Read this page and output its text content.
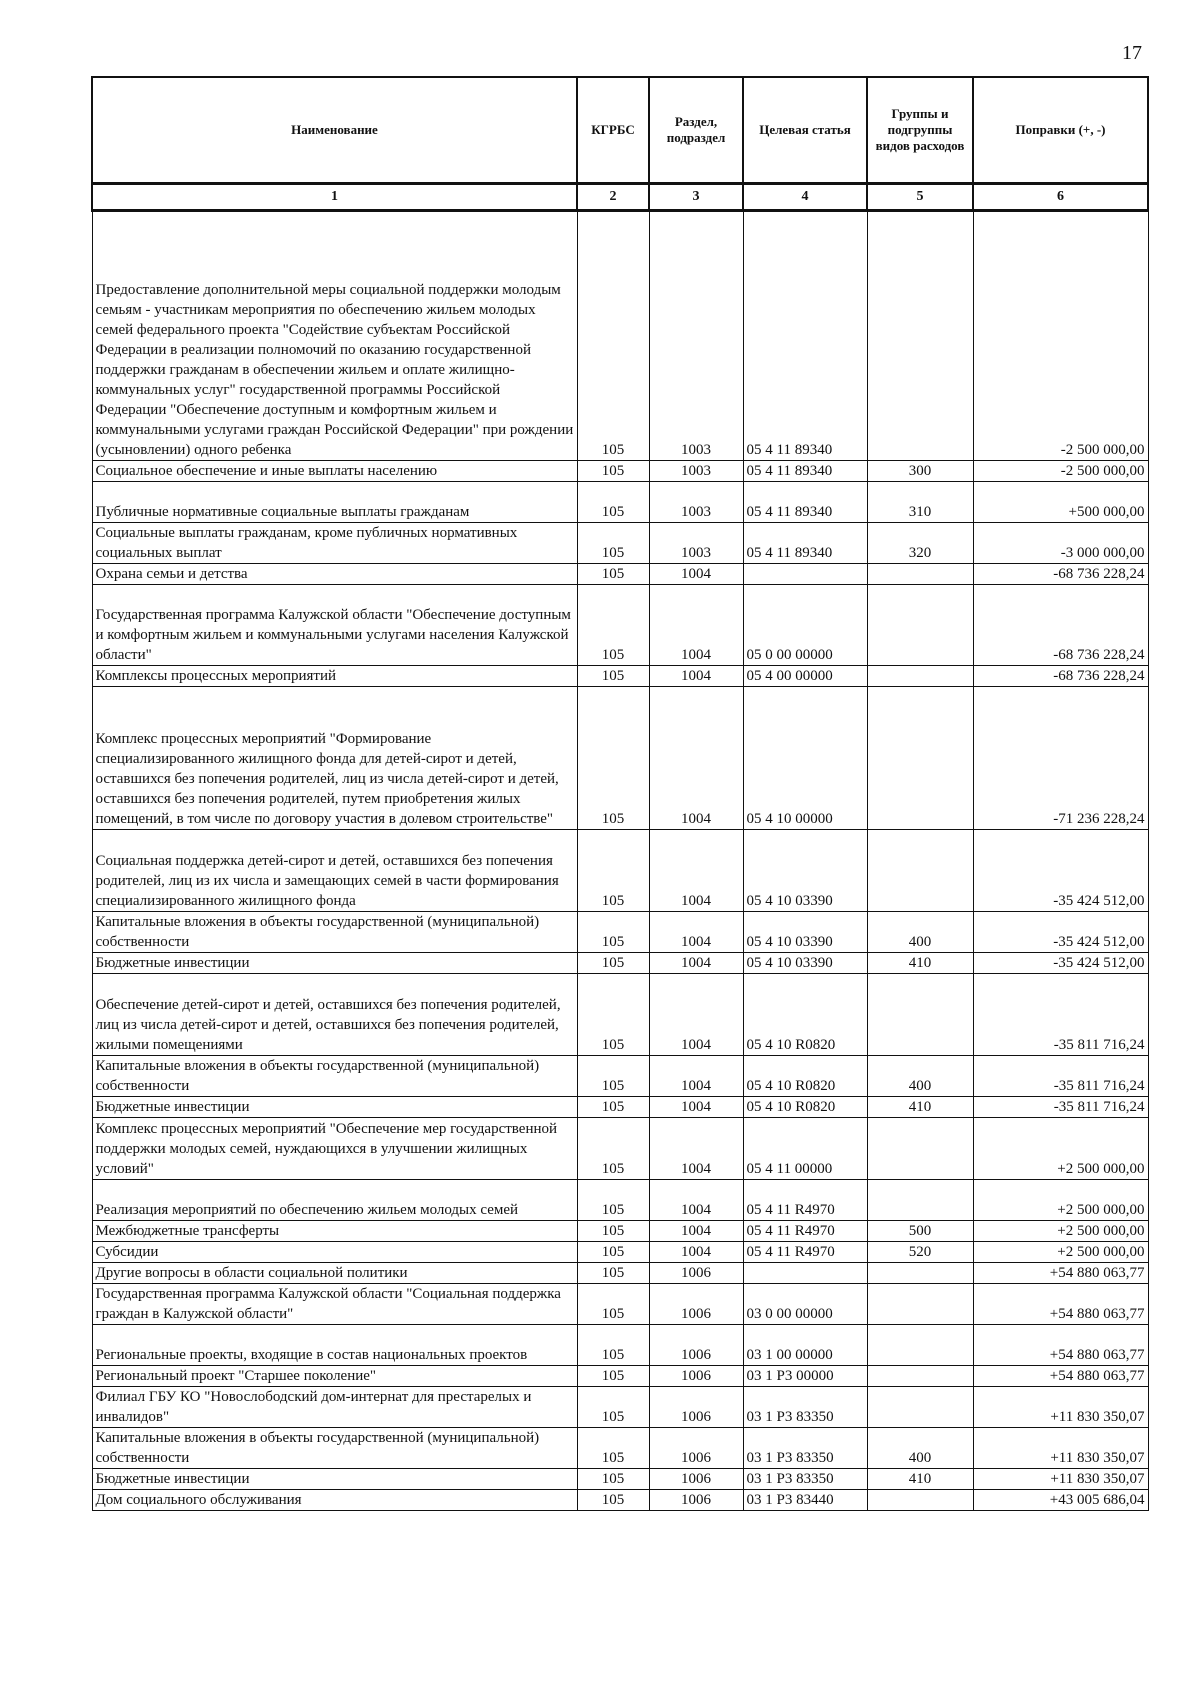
17
Наименование	КГРБС	Раздел, подраздел	Целевая статья	Группы и подгруппы видов расходов	Поправки (+, -)
1	2	3	4	5	6
Предоставление дополнительной меры социальной поддержки молодым семьям - участникам мероприятия по обеспечению жильем молодых семей федерального проекта "Содействие субъектам Российской Федерации в реализации полномочий по оказанию государственной поддержки гражданам в обеспечении жильем и оплате жилищно-коммунальных услуг" государственной программы Российской Федерации "Обеспечение доступным и комфортным жильем и коммунальными услугами граждан Российской Федерации" при рождении (усыновлении) одного ребенка	105	1003	05 4 11 89340		-2 500 000,00
Социальное обеспечение и иные выплаты населению	105	1003	05 4 11 89340	300	-2 500 000,00
Публичные нормативные социальные выплаты гражданам	105	1003	05 4 11 89340	310	+500 000,00
Социальные выплаты гражданам, кроме публичных нормативных социальных выплат	105	1003	05 4 11 89340	320	-3 000 000,00
Охрана семьи и детства	105	1004			-68 736 228,24
Государственная программа Калужской области "Обеспечение доступным и комфортным жильем и коммунальными услугами населения Калужской области"	105	1004	05 0 00 00000		-68 736 228,24
Комплексы процессных мероприятий	105	1004	05 4 00 00000		-68 736 228,24
Комплекс процессных мероприятий "Формирование специализированного жилищного фонда для детей-сирот и детей, оставшихся без попечения родителей, лиц из числа детей-сирот и детей, оставшихся без попечения родителей, путем приобретения жилых помещений, в том числе по договору участия в долевом строительстве"	105	1004	05 4 10 00000		-71 236 228,24
Социальная поддержка детей-сирот и детей, оставшихся без попечения родителей, лиц из их числа и замещающих семей в части формирования специализированного жилищного фонда	105	1004	05 4 10 03390		-35 424 512,00
Капитальные вложения в объекты государственной (муниципальной) собственности	105	1004	05 4 10 03390	400	-35 424 512,00
Бюджетные инвестиции	105	1004	05 4 10 03390	410	-35 424 512,00
Обеспечение детей-сирот и детей, оставшихся без попечения родителей, лиц из числа детей-сирот и детей, оставшихся без попечения родителей, жилыми помещениями	105	1004	05 4 10 R0820		-35 811 716,24
Капитальные вложения в объекты государственной (муниципальной) собственности	105	1004	05 4 10 R0820	400	-35 811 716,24
Бюджетные инвестиции	105	1004	05 4 10 R0820	410	-35 811 716,24
Комплекс процессных мероприятий "Обеспечение мер государственной поддержки молодых семей, нуждающихся в улучшении жилищных условий"	105	1004	05 4 11 00000		+2 500 000,00
Реализация мероприятий по обеспечению жильем молодых семей	105	1004	05 4 11 R4970		+2 500 000,00
Межбюджетные трансферты	105	1004	05 4 11 R4970	500	+2 500 000,00
Субсидии	105	1004	05 4 11 R4970	520	+2 500 000,00
Другие вопросы в области социальной политики	105	1006			+54 880 063,77
Государственная программа Калужской области "Социальная поддержка граждан в Калужской области"	105	1006	03 0 00 00000		+54 880 063,77
Региональные проекты, входящие в состав национальных проектов	105	1006	03 1 00 00000		+54 880 063,77
Региональный проект "Старшее поколение"	105	1006	03 1 P3 00000		+54 880 063,77
Филиал ГБУ КО "Новослободский дом-интернат для престарелых и инвалидов"	105	1006	03 1 P3 83350		+11 830 350,07
Капитальные вложения в объекты государственной (муниципальной) собственности	105	1006	03 1 P3 83350	400	+11 830 350,07
Бюджетные инвестиции	105	1006	03 1 P3 83350	410	+11 830 350,07
Дом социального обслуживания	105	1006	03 1 P3 83440		+43 005 686,04
